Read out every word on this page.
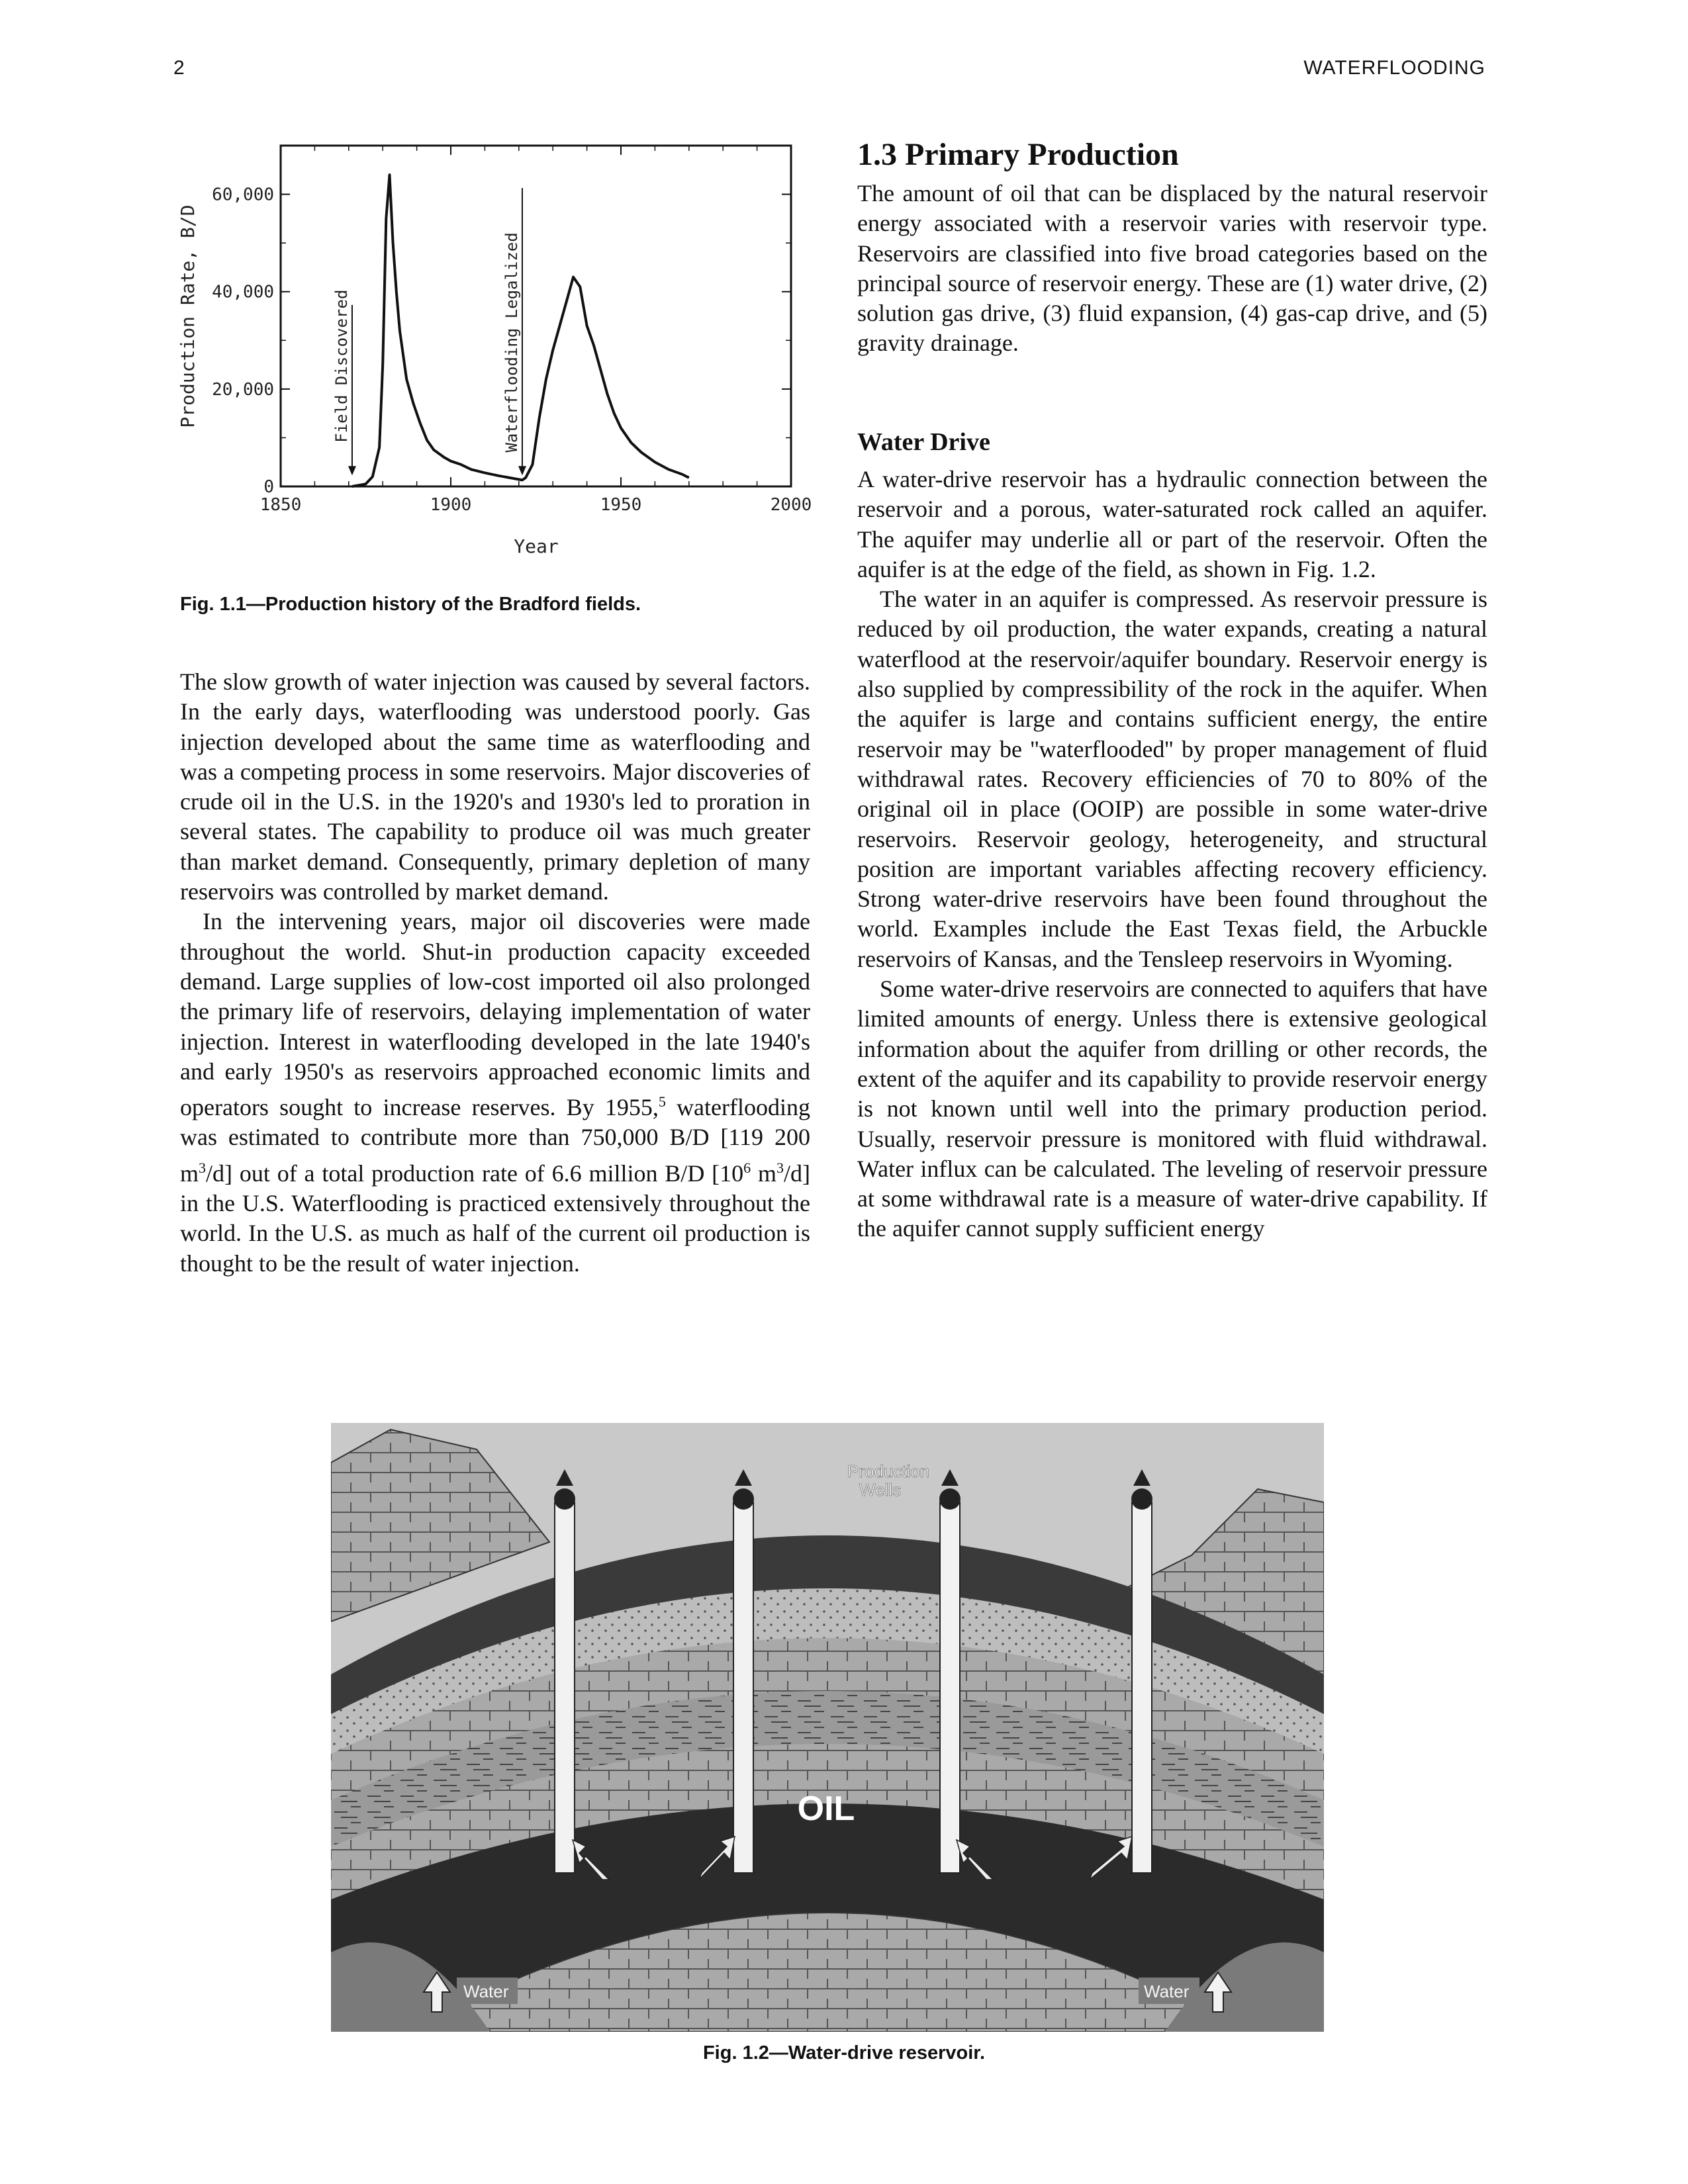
2	WATERFLOODING
1850	1900	1950	2000
0
20,000
40,000
60,000
Field Discovered	Waterflooding Legalized
Year
Production Rate, B/D
Fig. 1.1—Production history of the Bradford fields.

The slow growth of water injection was caused by several factors. In the early days, waterflooding was understood poorly. Gas injection developed about the same time as waterflooding and was a competing process in some reservoirs. Major discoveries of crude oil in the U.S. in the 1920's and 1930's led to proration in several states. The capability to produce oil was much greater than market demand. Consequently, primary depletion of many reservoirs was controlled by market demand.

In the intervening years, major oil discoveries were made throughout the world. Shut-in production capacity exceeded demand. Large supplies of low-cost imported oil also prolonged the primary life of reservoirs, delaying implementation of water injection. Interest in waterflooding developed in the late 1940's and early 1950's as reservoirs approached economic limits and operators sought to increase reserves. By 1955,$^5$ waterflooding was estimated to contribute more than 750,000 B/D [119 200 $m^3/d$] out of a total production rate of 6.6 million B/D [$10^6$ $m^3/d$] in the U.S. Waterflooding is practiced extensively throughout the world. In the U.S. as much as half of the current oil production is thought to be the result of water injection.

1.3 Primary Production

The amount of oil that can be displaced by the natural reservoir energy associated with a reservoir varies with reservoir type. Reservoirs are classified into five broad categories based on the principal source of reservoir energy. These are (1) water drive, (2) solution gas drive, (3) fluid expansion, (4) gas-cap drive, and (5) gravity drainage.

Water Drive

A water-drive reservoir has a hydraulic connection between the reservoir and a porous, water-saturated rock called an aquifer. The aquifer may underlie all or part of the reservoir. Often the aquifer is at the edge of the field, as shown in Fig. 1.2.

The water in an aquifer is compressed. As reservoir pressure is reduced by oil production, the water expands, creating a natural waterflood at the reservoir/aquifer boundary. Reservoir energy is also supplied by compressibility of the rock in the aquifer. When the aquifer is large and contains sufficient energy, the entire reservoir may be ''waterflooded'' by proper management of fluid withdrawal rates. Recovery efficiencies of 70 to 80% of the original oil in place (OOIP) are possible in some water-drive reservoirs. Reservoir geology, heterogeneity, and structural position are important variables affecting recovery efficiency. Strong water-drive reservoirs have been found throughout the world. Examples include the East Texas field, the Arbuckle reservoirs of Kansas, and the Tensleep reservoirs in Wyoming.

Some water-drive reservoirs are connected to aquifers that have limited amounts of energy. Unless there is extensive geological information about the aquifer from drilling or other records, the extent of the aquifer and its capability to provide reservoir energy is not known until well into the primary production period. Usually, reservoir pressure is monitored with fluid withdrawal. Water influx can be calculated. The leveling of reservoir pressure at some withdrawal rate is a measure of water-drive capability. If the aquifer cannot supply sufficient energy

Production
Wells
OIL
Water	Water
Fig. 1.2—Water-drive reservoir.
